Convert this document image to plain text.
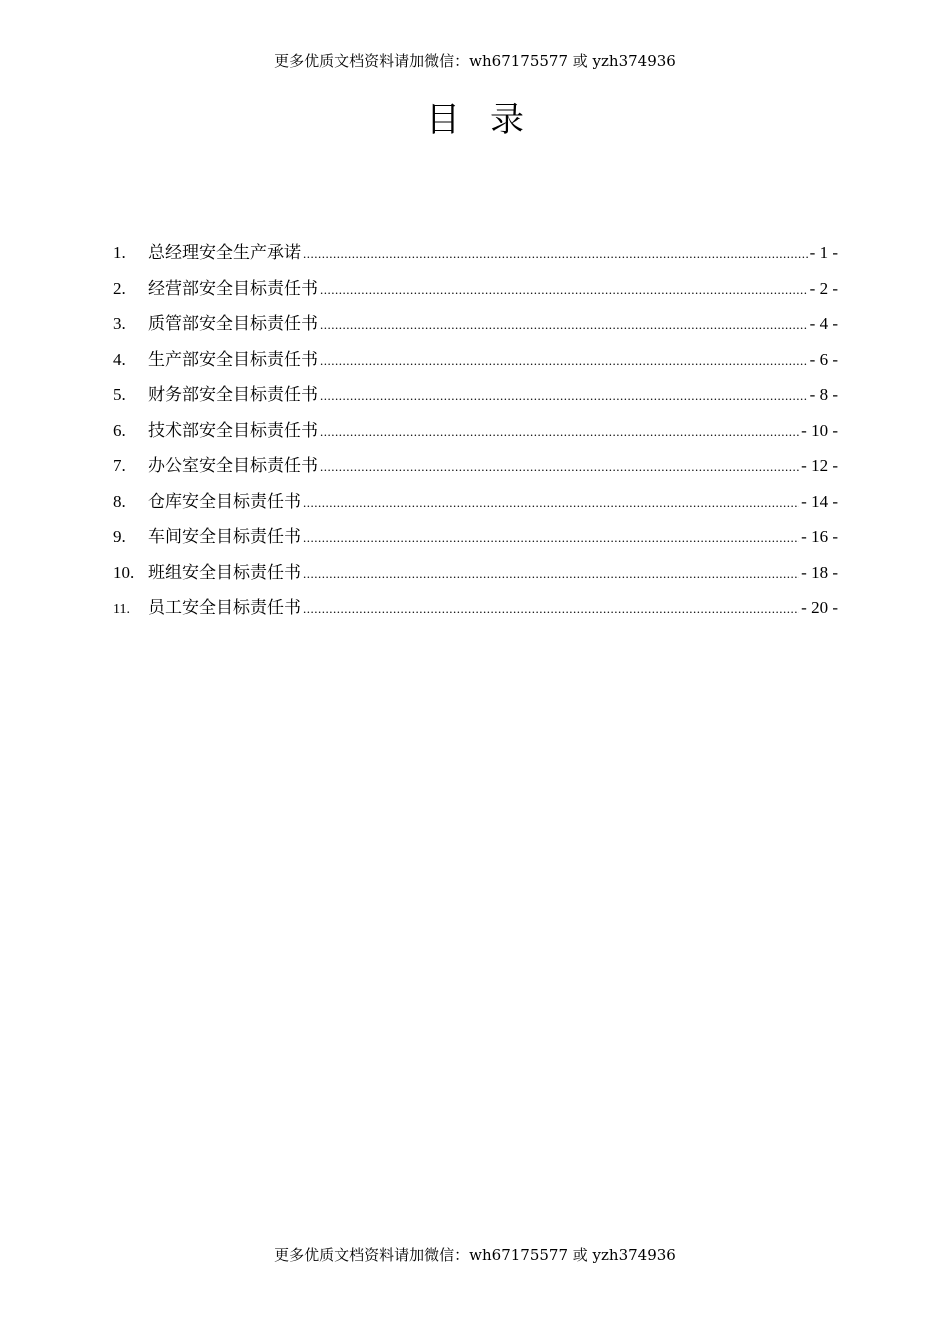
更多优质文档资料请加微信：wh67175577 或 yzh374936
目录
1.	总经理安全生产承诺 .....	- 1 -
2.	经营部安全目标责任书 .....	- 2 -
3.	质管部安全目标责任书 .....	- 4 -
4.	生产部安全目标责任书 .....	- 6 -
5.	财务部安全目标责任书 .....	- 8 -
6.	技术部安全目标责任书 .....	- 10 -
7.	办公室安全目标责任书 .....	- 12 -
8.	仓库安全目标责任书 .....	- 14 -
9.	车间安全目标责任书 .....	- 16 -
10. 班组安全目标责任书 .....	- 18 -
11.	员工安全目标责任书 .....	- 20 -
更多优质文档资料请加微信：wh67175577 或 yzh374936
